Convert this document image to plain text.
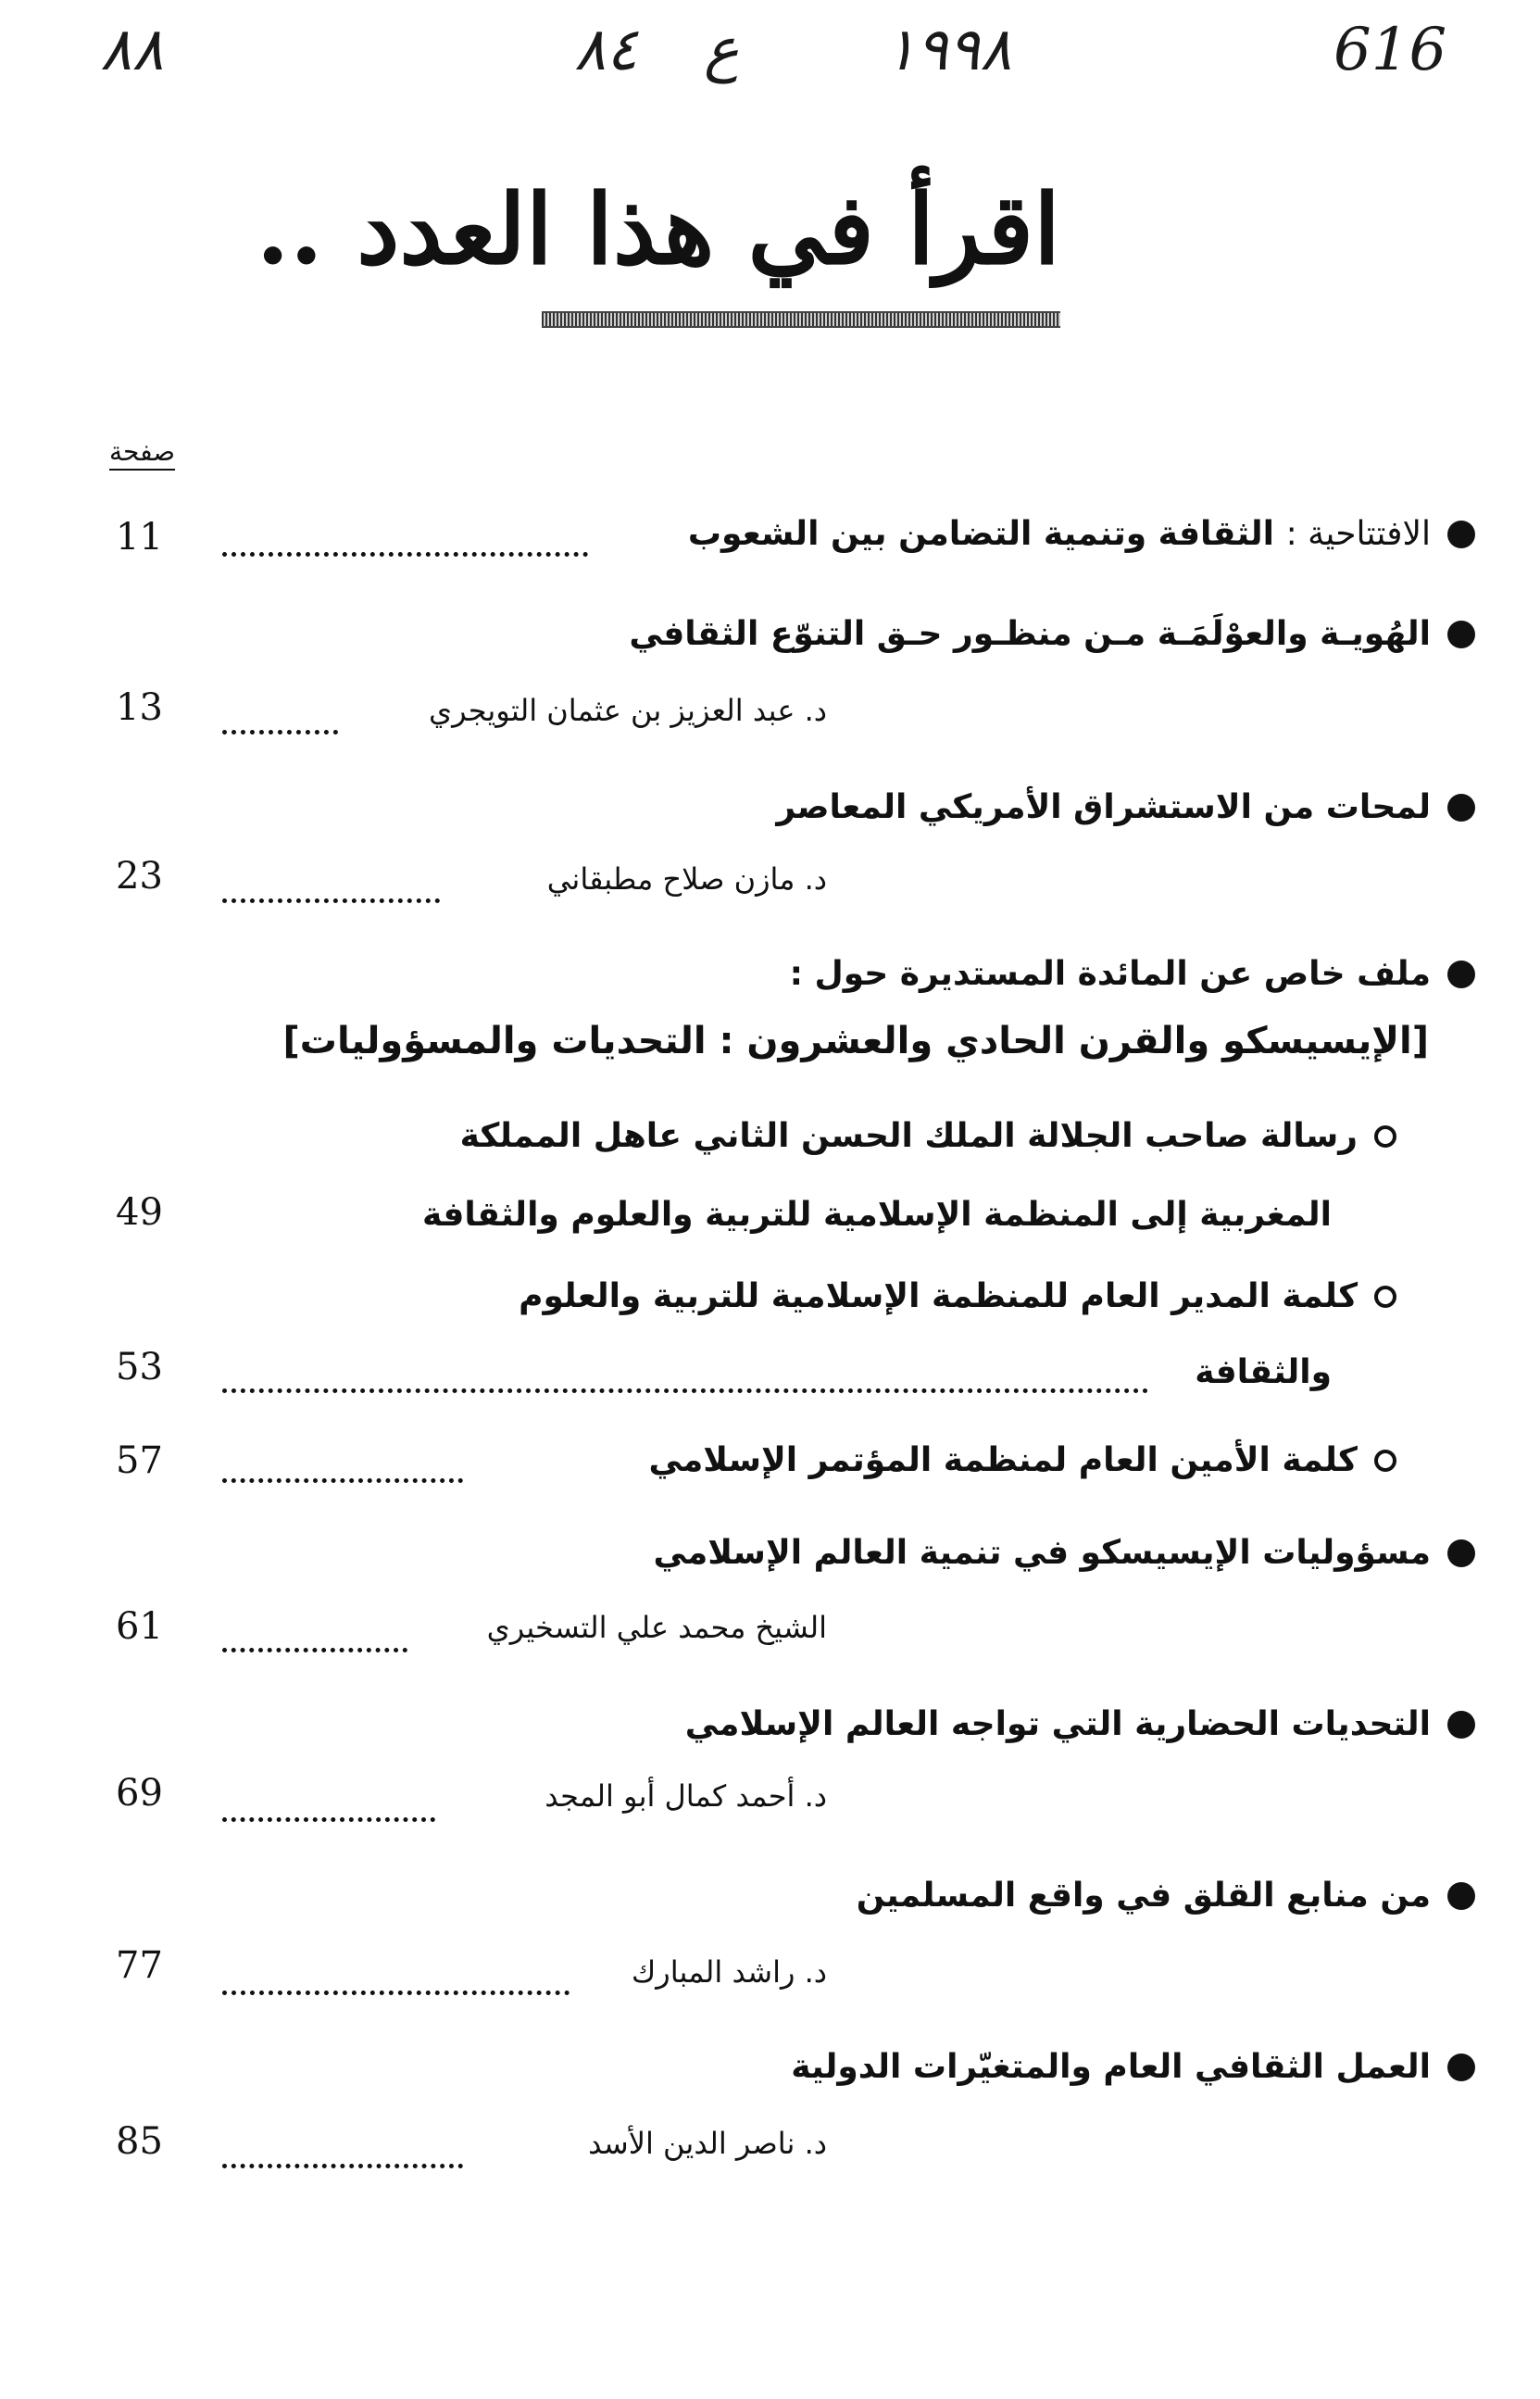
٨٨	٨٤ ع ١٩٩٨	616
اقرأ في هذا العدد ..
صفحة
الافتتاحية : الثقافة وتنمية التضامن بين الشعوب
11
الهُويـة والعوْلَمَـة مـن منظـور حـق التنوّع الثقافي
د. عبد العزيز بن عثمان التويجري
13
لمحات من الاستشراق الأمريكي المعاصر
د. مازن صلاح مطبقاني
23
ملف خاص عن المائدة المستديرة حول :
[الإيسيسكو والقرن الحادي والعشرون : التحديات والمسؤوليات]
رسالة صاحب الجلالة الملك الحسن الثاني عاهل المملكة
المغربية إلى المنظمة الإسلامية للتربية والعلوم والثقافة
49
كلمة المدير العام للمنظمة الإسلامية للتربية والعلوم
والثقافة
53
كلمة الأمين العام لمنظمة المؤتمر الإسلامي
57
مسؤوليات الإيسيسكو في تنمية العالم الإسلامي
الشيخ محمد علي التسخيري
61
التحديات الحضارية التي تواجه العالم الإسلامي
د. أحمد كمال أبو المجد
69
من منابع القلق في واقع المسلمين
د. راشد المبارك
77
العمل الثقافي العام والمتغيّرات الدولية
د. ناصر الدين الأسد
85
